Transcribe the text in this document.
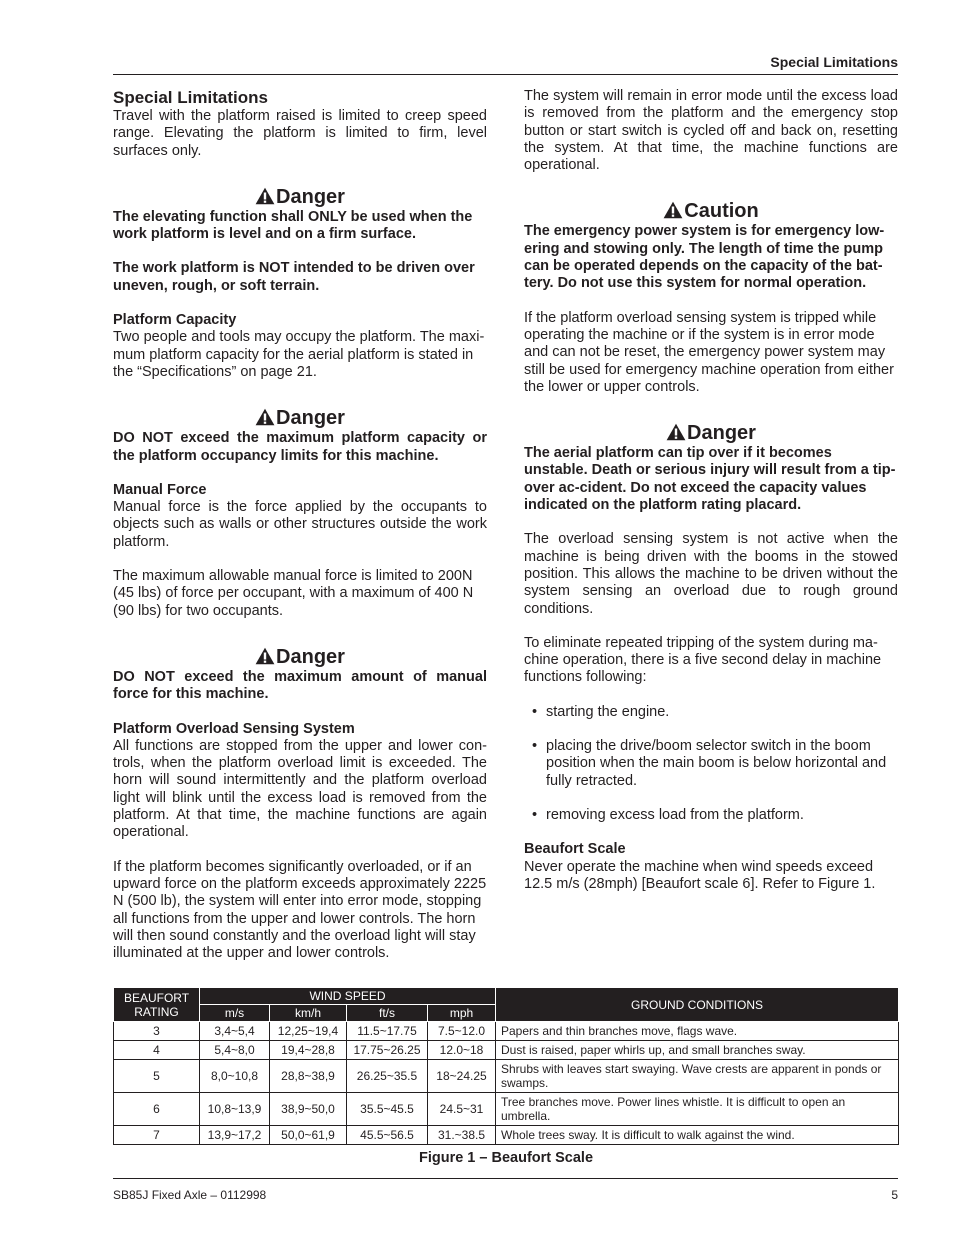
Special Limitations
Special Limitations

Travel with the platform raised is limited to creep speed range. Elevating the platform is limited to firm, level surfaces only.

Danger

The elevating function shall ONLY be used when the work platform is level and on a firm surface.

The work platform is NOT intended to be driven over uneven, rough, or soft terrain.

Platform Capacity

Two people and tools may occupy the platform. The maxi-mum platform capacity for the aerial platform is stated in the “Specifications” on page 21.

Danger

DO NOT exceed the maximum platform capacity or the platform occupancy limits for this machine.

Manual Force

Manual force is the force applied by the occupants to objects such as walls or other structures outside the work platform.

The maximum allowable manual force is limited to 200N (45 lbs) of force per occupant, with a maximum of 400 N (90 lbs) for two occupants.

Danger

DO NOT exceed the maximum amount of manual force for this machine.

Platform Overload Sensing System

All functions are stopped from the upper and lower con-trols, when the platform overload limit is exceeded. The horn will sound intermittently and the platform overload light will blink until the excess load is removed from the platform. At that time, the machine functions are again operational.

If the platform becomes significantly overloaded, or if an upward force on the platform exceeds approximately 2225 N (500 lb), the system will enter into error mode, stopping all functions from the upper and lower controls. The horn will then sound constantly and the overload light will stay illuminated at the upper and lower controls.

The system will remain in error mode until the excess load is removed from the platform and the emergency stop button or start switch is cycled off and back on, resetting the system. At that time, the machine functions are operational.

Caution

The emergency power system is for emergency low-ering and stowing only. The length of time the pump can be operated depends on the capacity of the bat-tery. Do not use this system for normal operation.

If the platform overload sensing system is tripped while operating the machine or if the system is in error mode and can not be reset, the emergency power system may still be used for emergency machine operation from either the lower or upper controls.

Danger

The aerial platform can tip over if it becomes unstable. Death or serious injury will result from a tip-over ac-cident. Do not exceed the capacity values indicated on the platform rating placard.

The overload sensing system is not active when the machine is being driven with the booms in the stowed position. This allows the machine to be driven without the system sensing an overload due to rough ground conditions.

To eliminate repeated tripping of the system during ma-chine operation, there is a five second delay in machine functions following:

• starting the engine.
• placing the drive/boom selector switch in the boom position when the main boom is below horizontal and fully retracted.
• removing excess load from the platform.
Beaufort Scale

Never operate the machine when wind speeds exceed 12.5 m/s (28mph) [Beaufort scale 6]. Refer to Figure 1.

BEAUFORT RATING	WIND SPEED				GROUND CONDITIONS
	m/s	km/h	ft/s	mph	
3	3,4~5,4	12,25~19,4	11.5~17.75	7.5~12.0	Papers and thin branches move, flags wave.
4	5,4~8,0	19,4~28,8	17.75~26.25	12.0~18	Dust is raised, paper whirls up, and small branches sway.
5	8,0~10,8	28,8~38,9	26.25~35.5	18~24.25	Shrubs with leaves start swaying. Wave crests are apparent in ponds or swamps.
6	10,8~13,9	38,9~50,0	35.5~45.5	24.5~31	Tree branches move. Power lines whistle. It is difficult to open an umbrella.
7	13,9~17,2	50,0~61,9	45.5~56.5	31.~38.5	Whole trees sway. It is difficult to walk against the wind.
Figure 1 – Beaufort Scale
SB85J Fixed Axle – 0112998	5
